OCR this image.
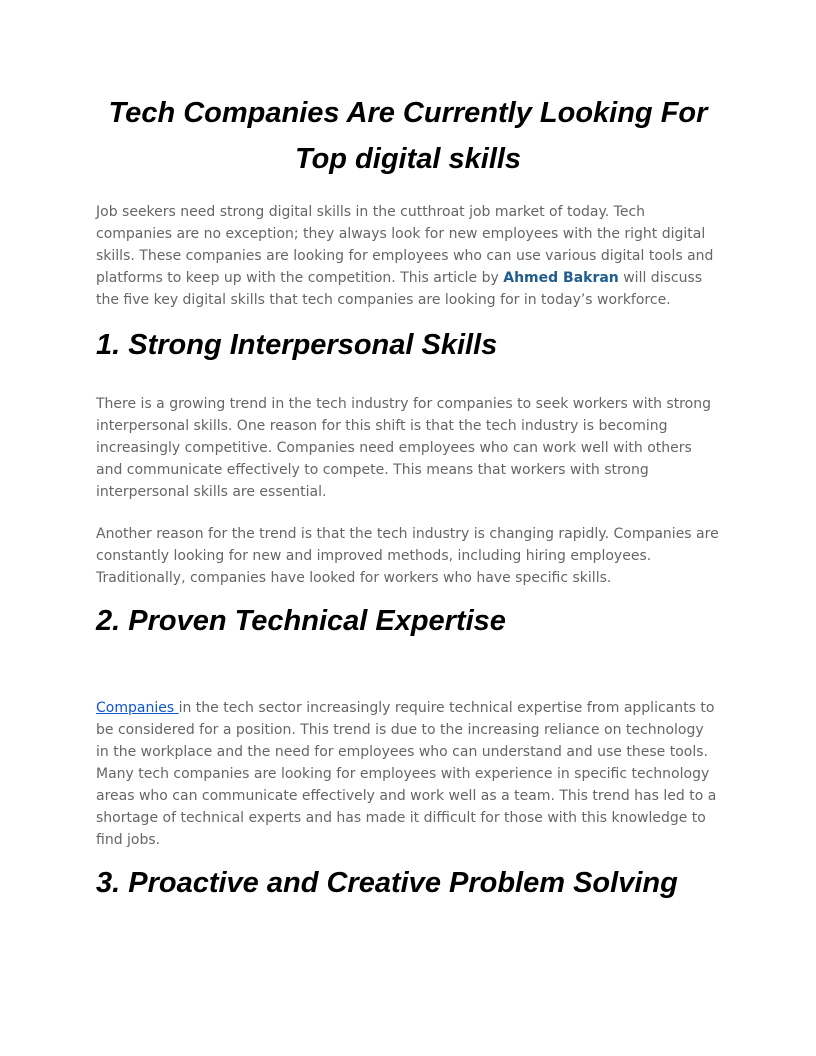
Tech Companies Are Currently Looking For
Top digital skills

Job seekers need strong digital skills in the cutthroat job market of today. Tech companies are no exception; they always look for new employees with the right digital skills. These companies are looking for employees who can use various digital tools and platforms to keep up with the competition. This article by Ahmed Bakran will discuss the five key digital skills that tech companies are looking for in today’s workforce.

1. Strong Interpersonal Skills

There is a growing trend in the tech industry for companies to seek workers with strong interpersonal skills. One reason for this shift is that the tech industry is becoming increasingly competitive. Companies need employees who can work well with others and communicate effectively to compete. This means that workers with strong interpersonal skills are essential.

Another reason for the trend is that the tech industry is changing rapidly. Companies are constantly looking for new and improved methods, including hiring employees. Traditionally, companies have looked for workers who have specific skills.

2. Proven Technical Expertise

Companies in the tech sector increasingly require technical expertise from applicants to be considered for a position. This trend is due to the increasing reliance on technology in the workplace and the need for employees who can understand and use these tools. Many tech companies are looking for employees with experience in specific technology areas who can communicate effectively and work well as a team. This trend has led to a shortage of technical experts and has made it difficult for those with this knowledge to find jobs.

3. Proactive and Creative Problem Solving
